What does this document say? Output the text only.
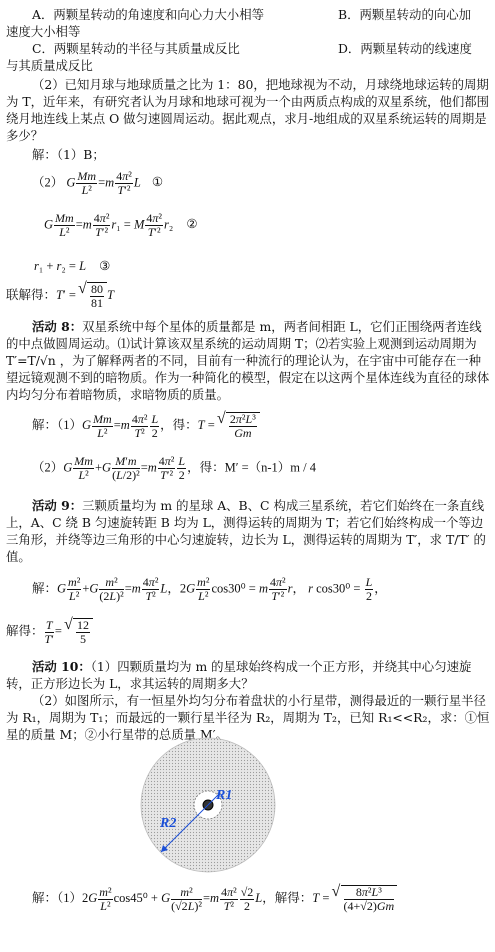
A．两颗星转动的角速度和向心力大小相等	B．两颗星转动的向心加
速度大小相等
C．两颗星转动的半径与其质量成反比	D．两颗星转动的线速度
与其质量成反比
（2）已知月球与地球质量之比为 1：80，把地球视为不动，月球绕地球运转的周期为 T，近年来，有研究者认为月球和地球可视为一个由两质点构成的双星系统，他们都围绕月地连线上某点 O 做匀速圆周运动。据此观点，求月-地组成的双星系统运转的周期是多少？
解：（1）B；
（2） G $\frac{Mm}{\text{L²}} =m \frac{\text{4π²}}{\text{T′²}}$ L ①
G $\frac{Mm}{\text{L²}} =m \frac{\text{4π²}}{\text{T′²}} r_1 = M \frac{\text{4π²}}{\text{T′²}} r_2$ ②
r₁ + r₂ = L ③
联解得：T′ = √ $\frac{80}{81}$ T
活动 8：双星系统中每个星体的质量都是 m，两者间相距 L，它们正围绕两者连线的中点做圆周运动。⑴试计算该双星系统的运动周期 T；⑵若实验上观测到运动周期为 T′=T/√n ，为了解释两者的不同，目前有一种流行的理论认为，在宇宙中可能存在一种望远镜观测不到的暗物质。作为一种简化的模型，假定在以这两个星体连线为直径的球体内均匀分布着暗物质，求暗物质的质量。
解：$(1)G \frac{Mm}{\text{L²}} =m \frac{\text{4π²}}{\text{T²}} \frac{L}{2}$ ，得：T = √ $\frac{\text{2π²L³}}{Gm}$
$(2)G \frac{Mm}{\text{L²}} +G \frac{M'm}{\text{(L/2)²}} =m \frac{\text{4π²}}{\text{T′²}} \frac{L}{2}$ ，得：M′ =（n-1）m / 4
活动 9：三颗质量均为 m 的星球 A、B、C 构成三星系统，若它们始终在一条直线上，A、C 绕 B 匀速旋转距 B 均为 L，测得运转的周期为 T；若它们始终构成一个等边三角形，并绕等边三角形的中心匀速旋转，边长为 L，测得运转的周期为 T′，求 T/T′ 的值。
解：G $\frac{\text{m²}}{\text{L²}} +G \frac{\text{m²}}{\text{(2L)²}} =m \frac{\text{4π²}}{\text{T²}}$ L，$2G \frac{\text{m²}}{\text{L²}} \cos 30^0 = m \frac{\text{4π²}}{\text{T′²}}$ r， r $\cos 30^0 = \frac{L}{2}$ ，
解得： $\frac{T}{T'}$ = √ $\frac{12}{5}$
活动 10：（1）四颗质量均为 m 的星球始终构成一个正方形，并绕其中心匀速旋转，正方形边长为 L，求其运转的周期多大？
（2）如图所示，有一恒星外均匀分布着盘状的小行星带，测得最近的一颗行星半径为 R₁，周期为 T₁；而最远的一颗行星半径为 R₂，周期为 T₂，已知 R₁<<R₂，求：①恒星的质量 M；②小行星带的总质量 M′。
R1
R2
解：$(1)2G \frac{\text{m²}}{\text{L²}} \cos 45^0 + G \frac{\text{m²}}{\text{(√2L)²}} =m \frac{\text{4π²}}{\text{T²}} \frac{√2}{2}$ L，解得：T = √ $\frac{\text{8π²L³}}{(4+√2)Gm}$
